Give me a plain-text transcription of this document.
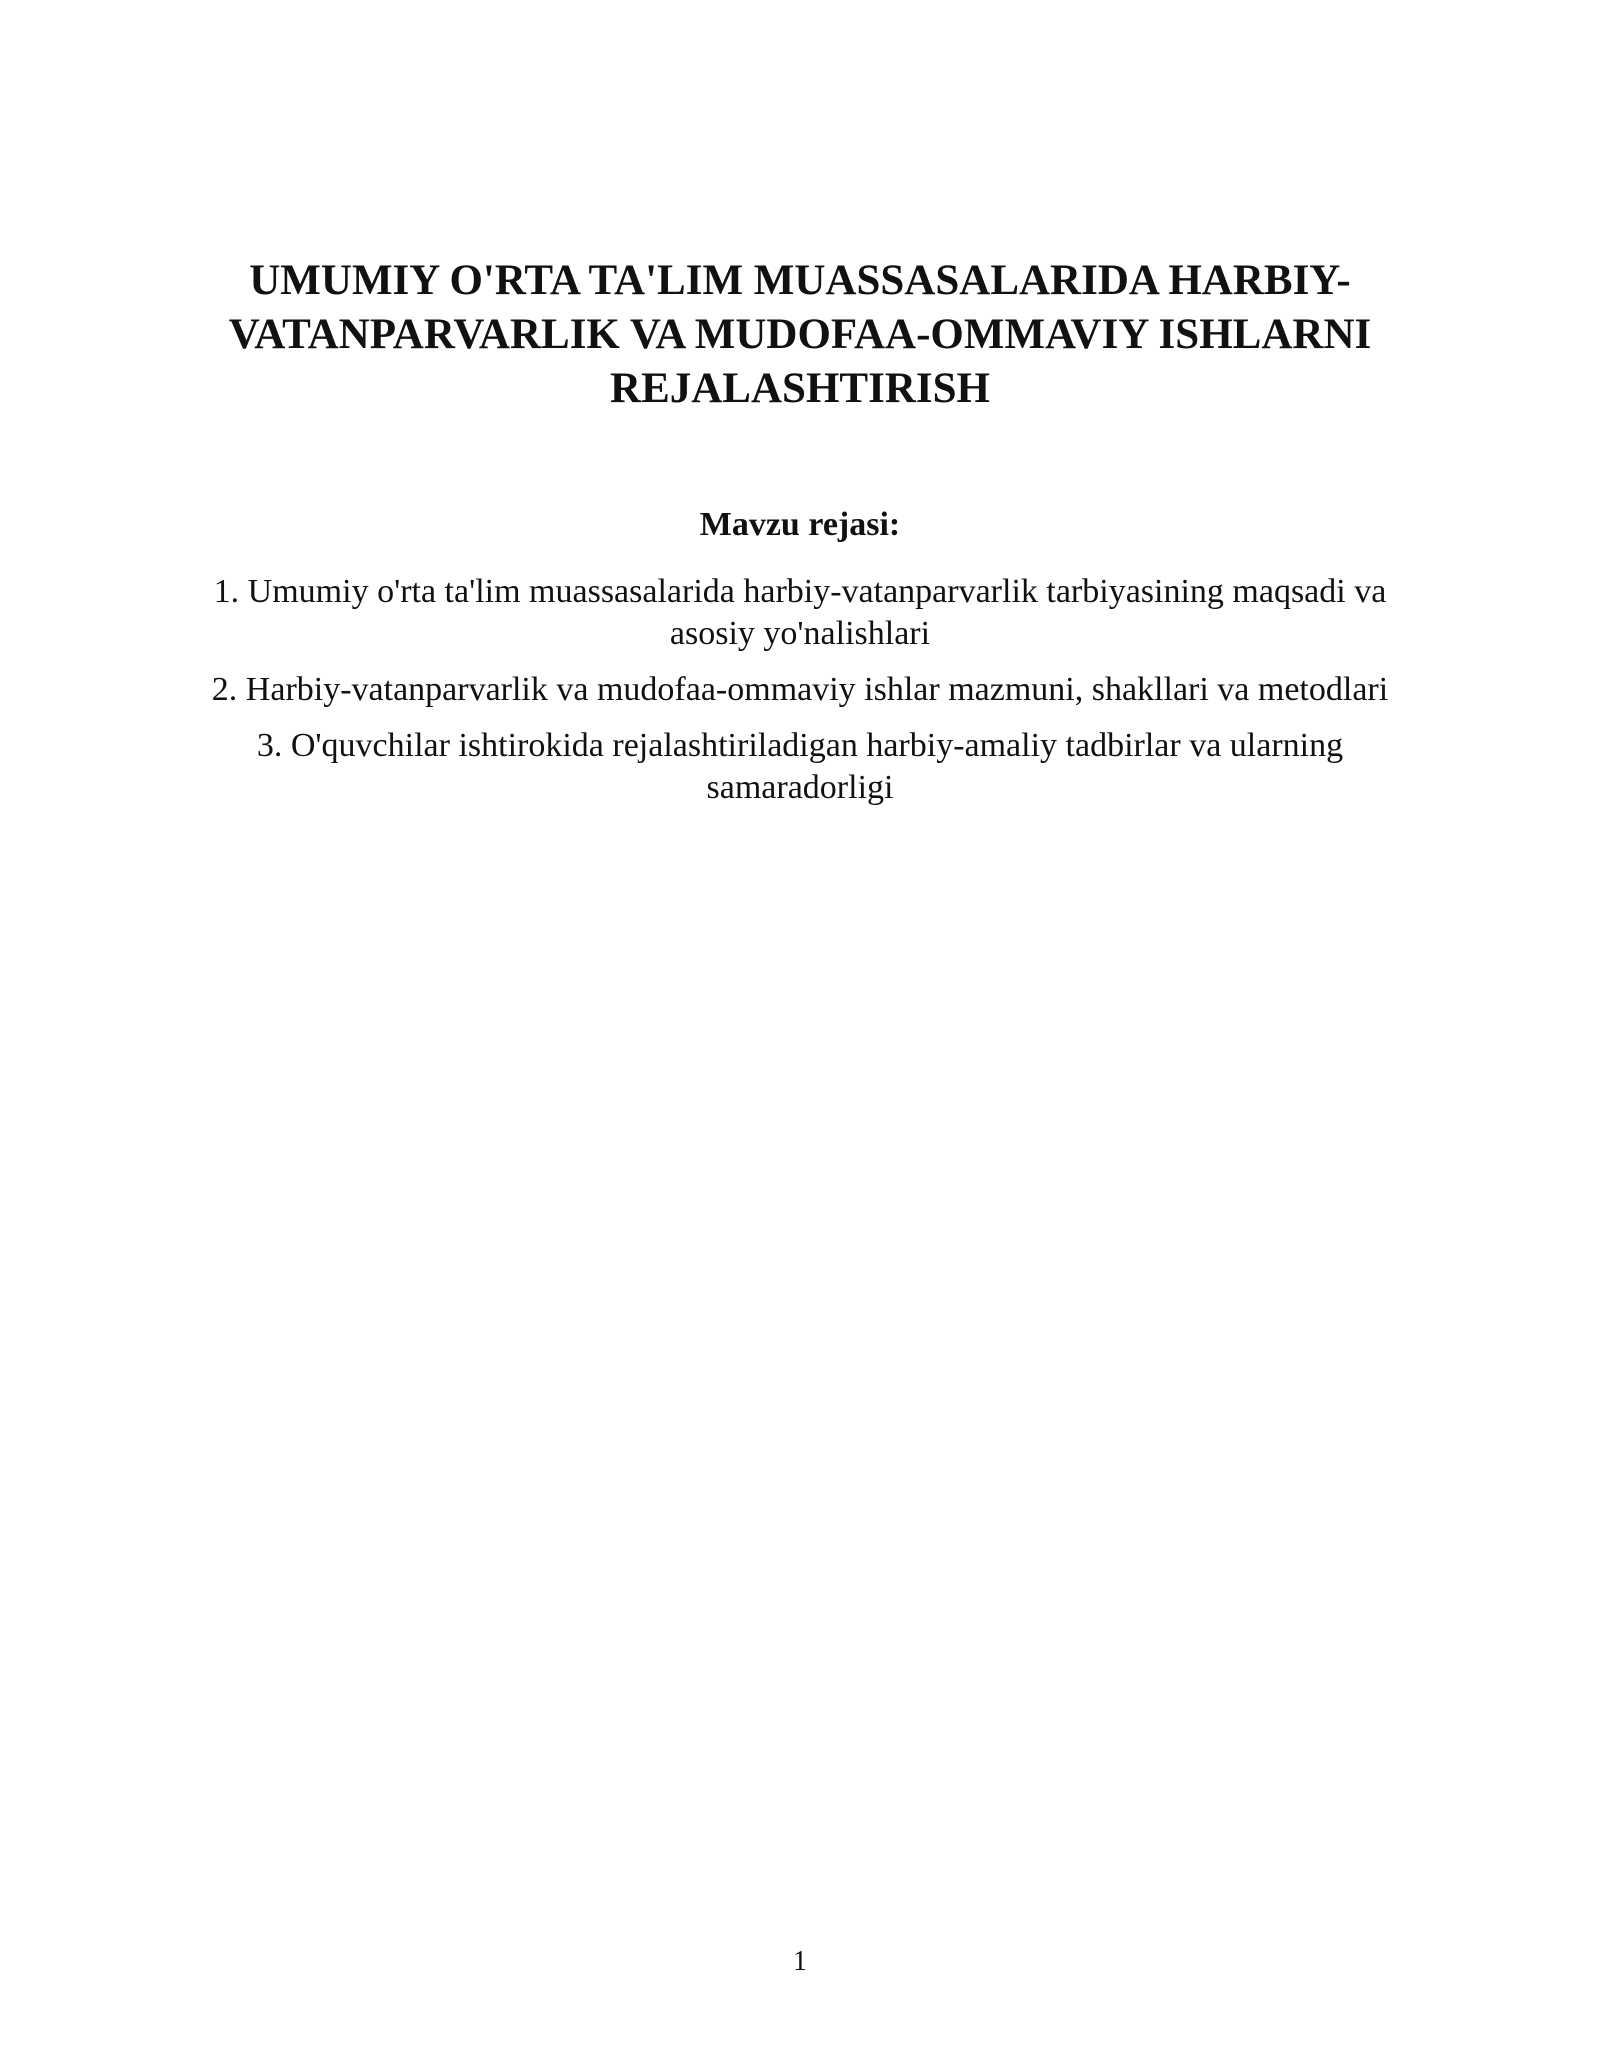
UMUMIY O'RTA TA'LIM MUASSASALARIDA HARBIY-VATANPARVARLIK VA MUDOFAA-OMMAVIY ISHLARNI REJALASHTIRISH
Mavzu rejasi:
1. Umumiy o'rta ta'lim muassasalarida harbiy-vatanparvarlik tarbiyasining maqsadi va asosiy yo'nalishlari
2. Harbiy-vatanparvarlik va mudofaa-ommaviy ishlar mazmuni, shakllari va metodlari
3. O'quvchilar ishtirokida rejalashtiriladigan harbiy-amaliy tadbirlar va ularning samaradorligi
1
